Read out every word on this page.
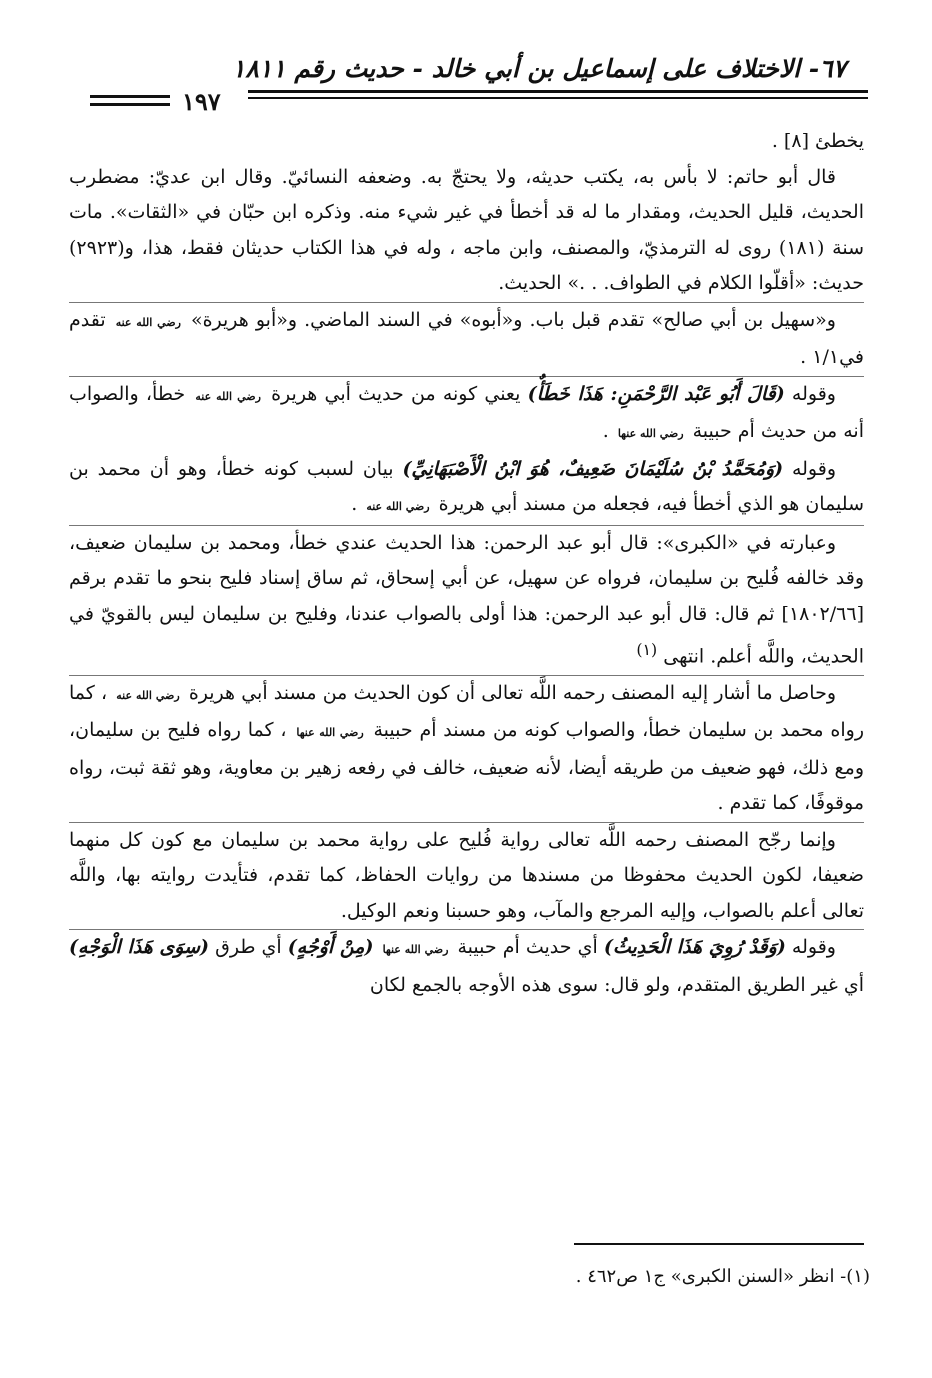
٦٧- الاختلاف على إسماعيل بن أبي خالد - حديث رقم ١٨١١
١٩٧

يخطئ [٨] .

قال أبو حاتم: لا بأس به، يكتب حديثه، ولا يحتجّ به. وضعفه النسائيّ. وقال ابن عديّ: مضطرب الحديث، قليل الحديث، ومقدار ما له قد أخطأ في غير شيء منه. وذكره ابن حبّان في «الثقات». مات سنة (١٨١) روى له الترمذيّ، والمصنف، وابن ماجه ، وله في هذا الكتاب حديثان فقط، هذا، و(٢٩٢٣) حديث: «أقلّوا الكلام في الطواف. . .» الحديث.

و«سهيل بن أبي صالح» تقدم قبل باب. و«أبوه» في السند الماضي. و«أبو هريرة» رضي الله عنه تقدم في١/١ .

وقوله (قَالَ أَبُو عَبْد الرَّحْمَنِ: هَذَا خَطَأٌ) يعني كونه من حديث أبي هريرة رضي الله عنه خطأ، والصواب أنه من حديث أم حبيبة رضي الله عنها .

وقوله (وَمُحَمَّدُ بْنُ سُلَيْمَانَ ضَعِيفٌ، هُوَ ابْنُ الْأَصْبَهَانِيِّ) بيان لسبب كونه خطأ، وهو أن محمد بن سليمان هو الذي أخطأ فيه، فجعله من مسند أبي هريرة رضي الله عنه .

وعبارته في «الكبرى»: قال أبو عبد الرحمن: هذا الحديث عندي خطأ، ومحمد بن سليمان ضعيف، وقد خالفه فُليح بن سليمان، فرواه عن سهيل، عن أبي إسحاق، ثم ساق إسناد فليح بنحو ما تقدم برقم [١٨٠٢/٦٦] ثم قال: قال أبو عبد الرحمن: هذا أولى بالصواب عندنا، وفليح بن سليمان ليس بالقويّ في الحديث، واللَّه أعلم. انتهى $^{(١)}$

وحاصل ما أشار إليه المصنف رحمه اللَّه تعالى أن كون الحديث من مسند أبي هريرة رضي الله عنه ، كما رواه محمد بن سليمان خطأ، والصواب كونه من مسند أم حبيبة رضي الله عنها ، كما رواه فليح بن سليمان، ومع ذلك، فهو ضعيف من طريقه أيضا، لأنه ضعيف، خالف في رفعه زهير بن معاوية، وهو ثقة ثبت، رواه موقوفًا، كما تقدم .

وإنما رجّح المصنف رحمه اللَّه تعالى رواية فُليح على رواية محمد بن سليمان مع كون كل منهما ضعيفا، لكون الحديث محفوظا من مسندها من روايات الحفاظ، كما تقدم، فتأيدت روايته بها، واللَّه تعالى أعلم بالصواب، وإليه المرجع والمآب، وهو حسبنا ونعم الوكيل.

وقوله (وَقَدْ رُوِيَ هَذَا الْحَدِيثُ) أي حديث أم حبيبة رضي الله عنها (مِنْ أَوْجُهٍ) أي طرق (سِوَى هَذَا الْوَجْهِ) أي غير الطريق المتقدم، ولو قال: سوى هذه الأوجه بالجمع لكان

(١)- انظر «السنن الكبرى» ج١ ص٤٦٢ .
